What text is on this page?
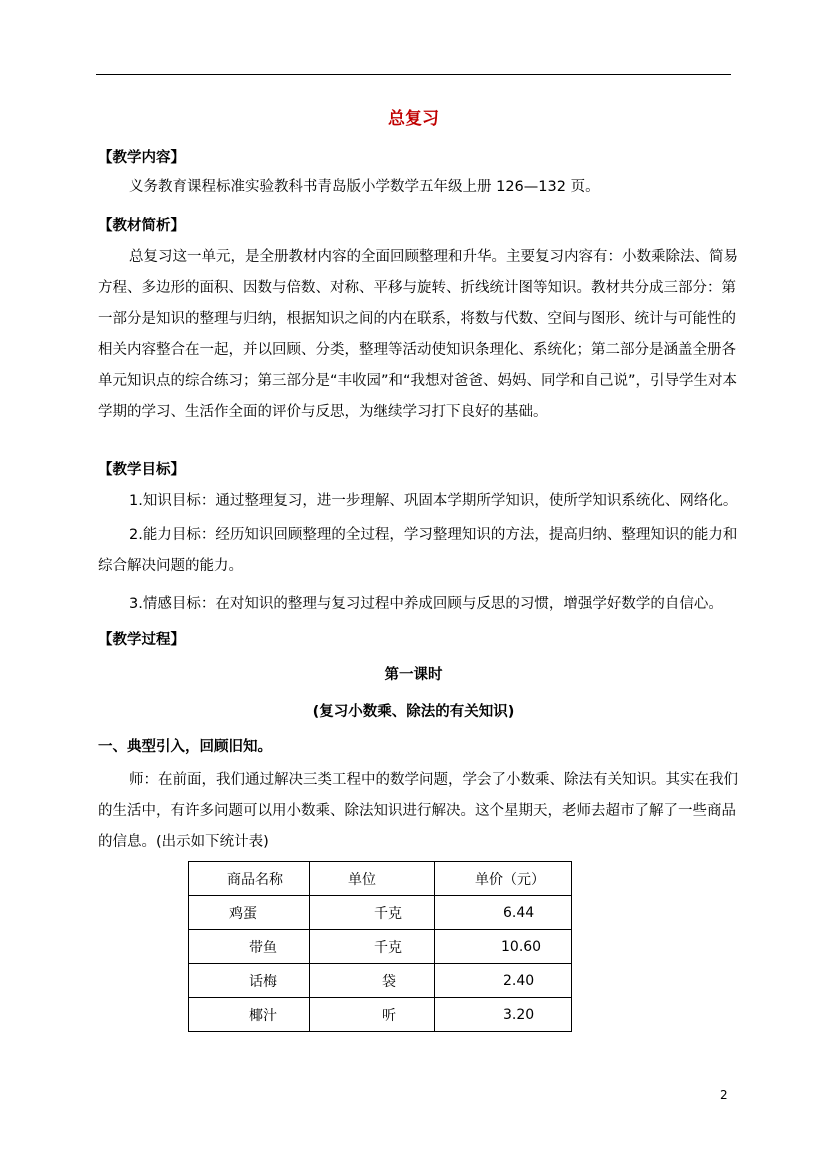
总复习
【教学内容】

义务教育课程标准实验教科书青岛版小学数学五年级上册 126—132 页。

【教材简析】

总复习这一单元，是全册教材内容的全面回顾整理和升华。主要复习内容有：小数乘除法、简易方程、多边形的面积、因数与倍数、对称、平移与旋转、折线统计图等知识。教材共分成三部分：第一部分是知识的整理与归纳，根据知识之间的内在联系，将数与代数、空间与图形、统计与可能性的相关内容整合在一起，并以回顾、分类，整理等活动使知识条理化、系统化；第二部分是涵盖全册各单元知识点的综合练习；第三部分是“丰收园”和“我想对爸爸、妈妈、同学和自己说”，引导学生对本学期的学习、生活作全面的评价与反思，为继续学习打下良好的基础。

【教学目标】

1.知识目标：通过整理复习，进一步理解、巩固本学期所学知识，使所学知识系统化、网络化。

2.能力目标：经历知识回顾整理的全过程，学习整理知识的方法，提高归纳、整理知识的能力和综合解决问题的能力。

3.情感目标：在对知识的整理与复习过程中养成回顾与反思的习惯，增强学好数学的自信心。

【教学过程】
第一课时
(复习小数乘、除法的有关知识)
一、典型引入，回顾旧知。

师：在前面，我们通过解决三类工程中的数学问题，学会了小数乘、除法有关知识。其实在我们的生活中，有许多问题可以用小数乘、除法知识进行解决。这个星期天，老师去超市了解了一些商品的信息。(出示如下统计表)

商品名称	单位	单价（元）
鸡蛋	千克	6.44
带鱼	千克	10.60
话梅	袋	2.40
椰汁	听	3.20
2
